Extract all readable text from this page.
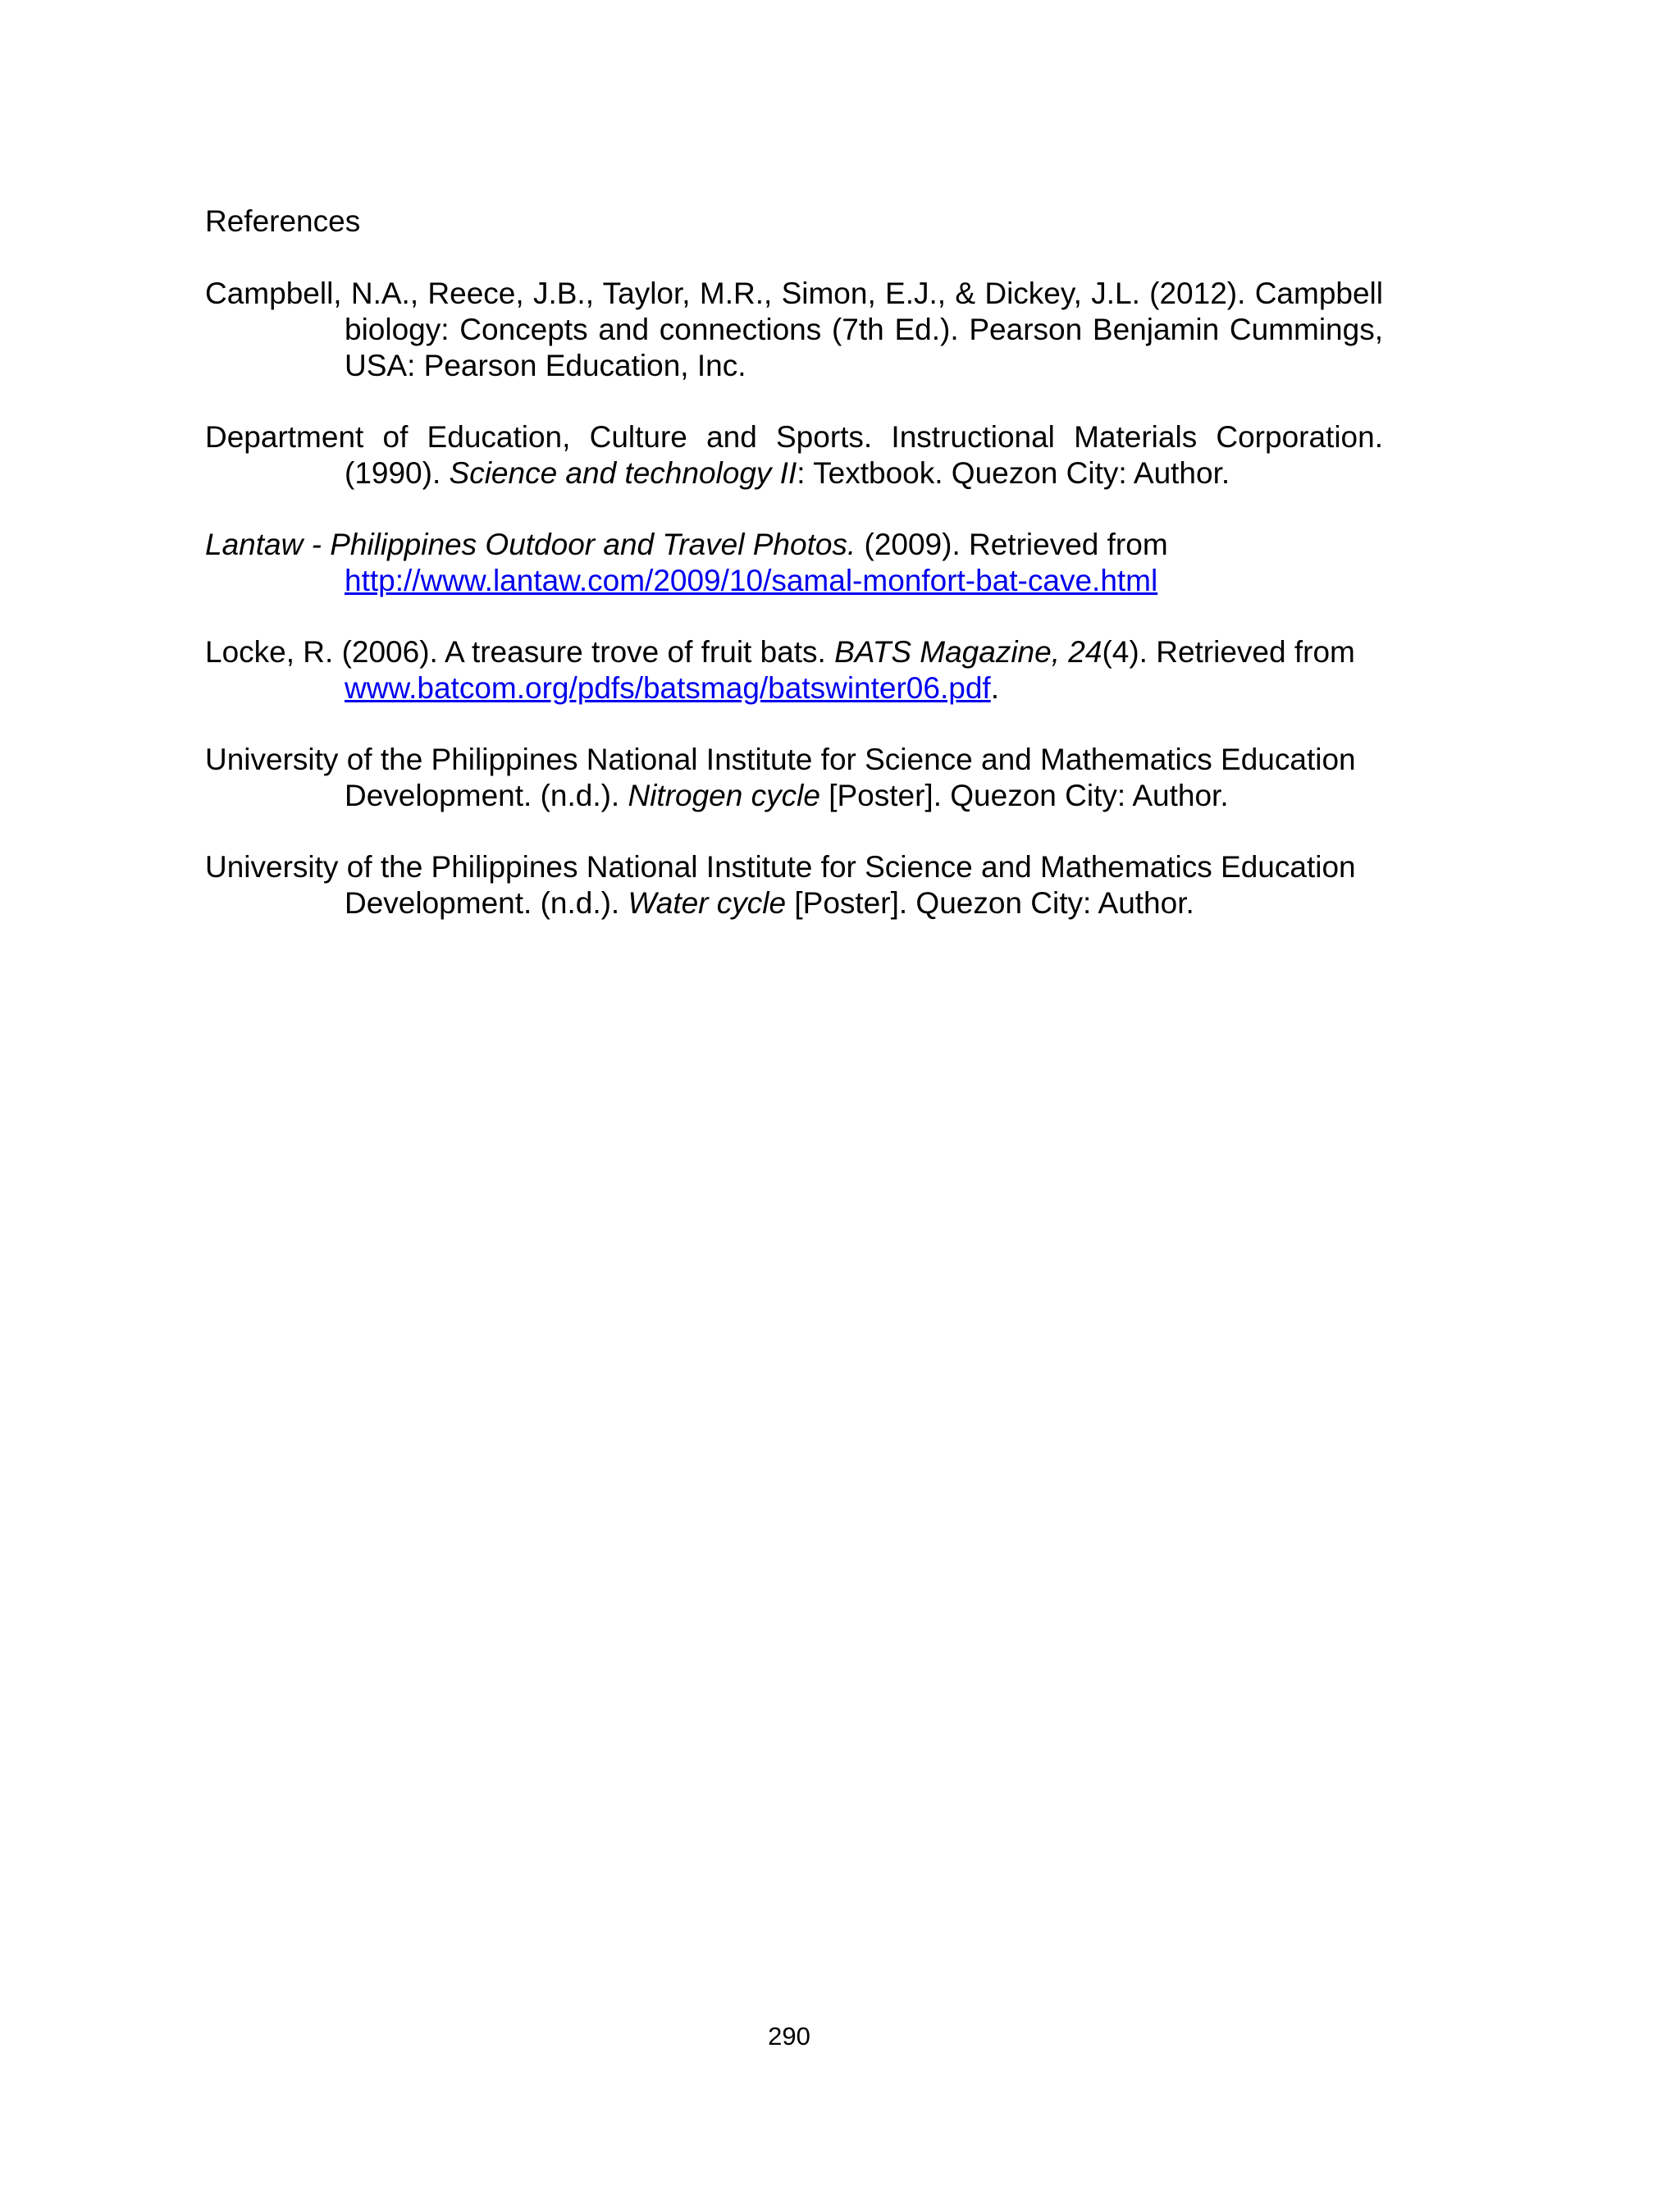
References
Campbell, N.A., Reece, J.B., Taylor, M.R., Simon, E.J., & Dickey, J.L. (2012). Campbell biology: Concepts and connections (7th Ed.). Pearson Benjamin Cummings, USA: Pearson Education, Inc.
Department of Education, Culture and Sports. Instructional Materials Corporation. (1990). Science and technology II: Textbook. Quezon City: Author.
Lantaw - Philippines Outdoor and Travel Photos. (2009). Retrieved from http://www.lantaw.com/2009/10/samal-monfort-bat-cave.html
Locke, R. (2006). A treasure trove of fruit bats. BATS Magazine, 24(4). Retrieved from www.batcom.org/pdfs/batsmag/batswinter06.pdf.
University of the Philippines National Institute for Science and Mathematics Education Development. (n.d.). Nitrogen cycle [Poster]. Quezon City: Author.
University of the Philippines National Institute for Science and Mathematics Education Development. (n.d.). Water cycle [Poster]. Quezon City: Author.
290
